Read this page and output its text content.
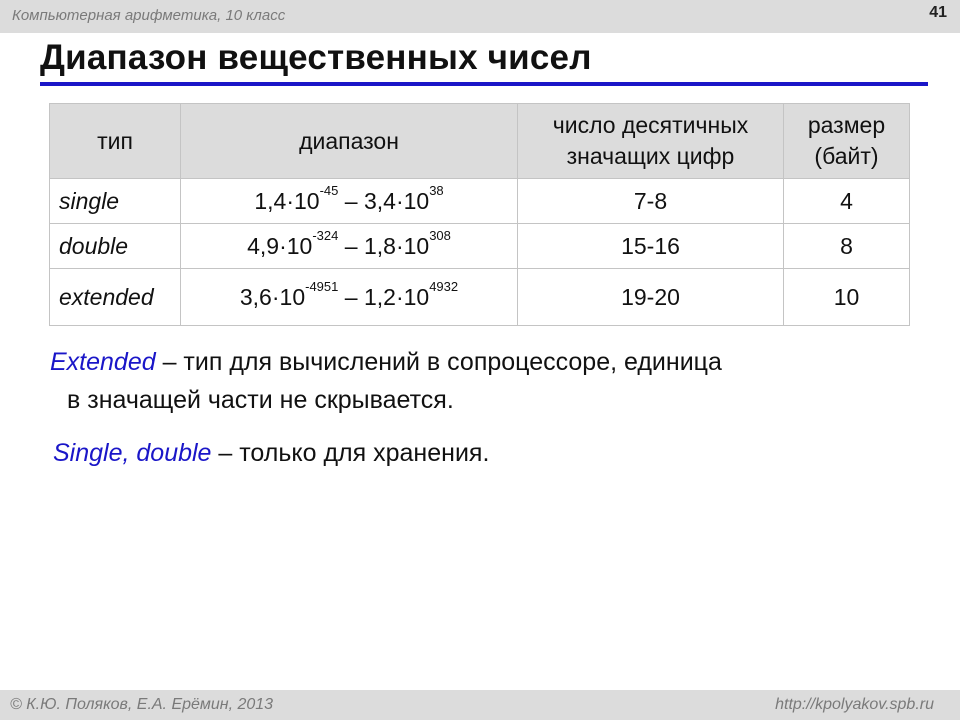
Компьютерная арифметика, 10 класс	41
Диапазон вещественных чисел
тип	диапазон	число десятичных значащих цифр	размер (байт)
single	$1,4\cdot 10^{-45} - 3,4\cdot 10^{38}$	7-8	4
double	$4,9\cdot 10^{-324} - 1,8\cdot 10^{308}$	15-16	8
extended	$3,6\cdot 10^{-4951} - 1,2\cdot 10^{4932}$	19-20	10
Extended – тип для вычислений в сопроцессоре, единица
в значащей части не скрывается.
Single, double – только для хранения.
© К.Ю. Поляков, Е.А. Ерёмин, 2013	http://kpolyakov.spb.ru
